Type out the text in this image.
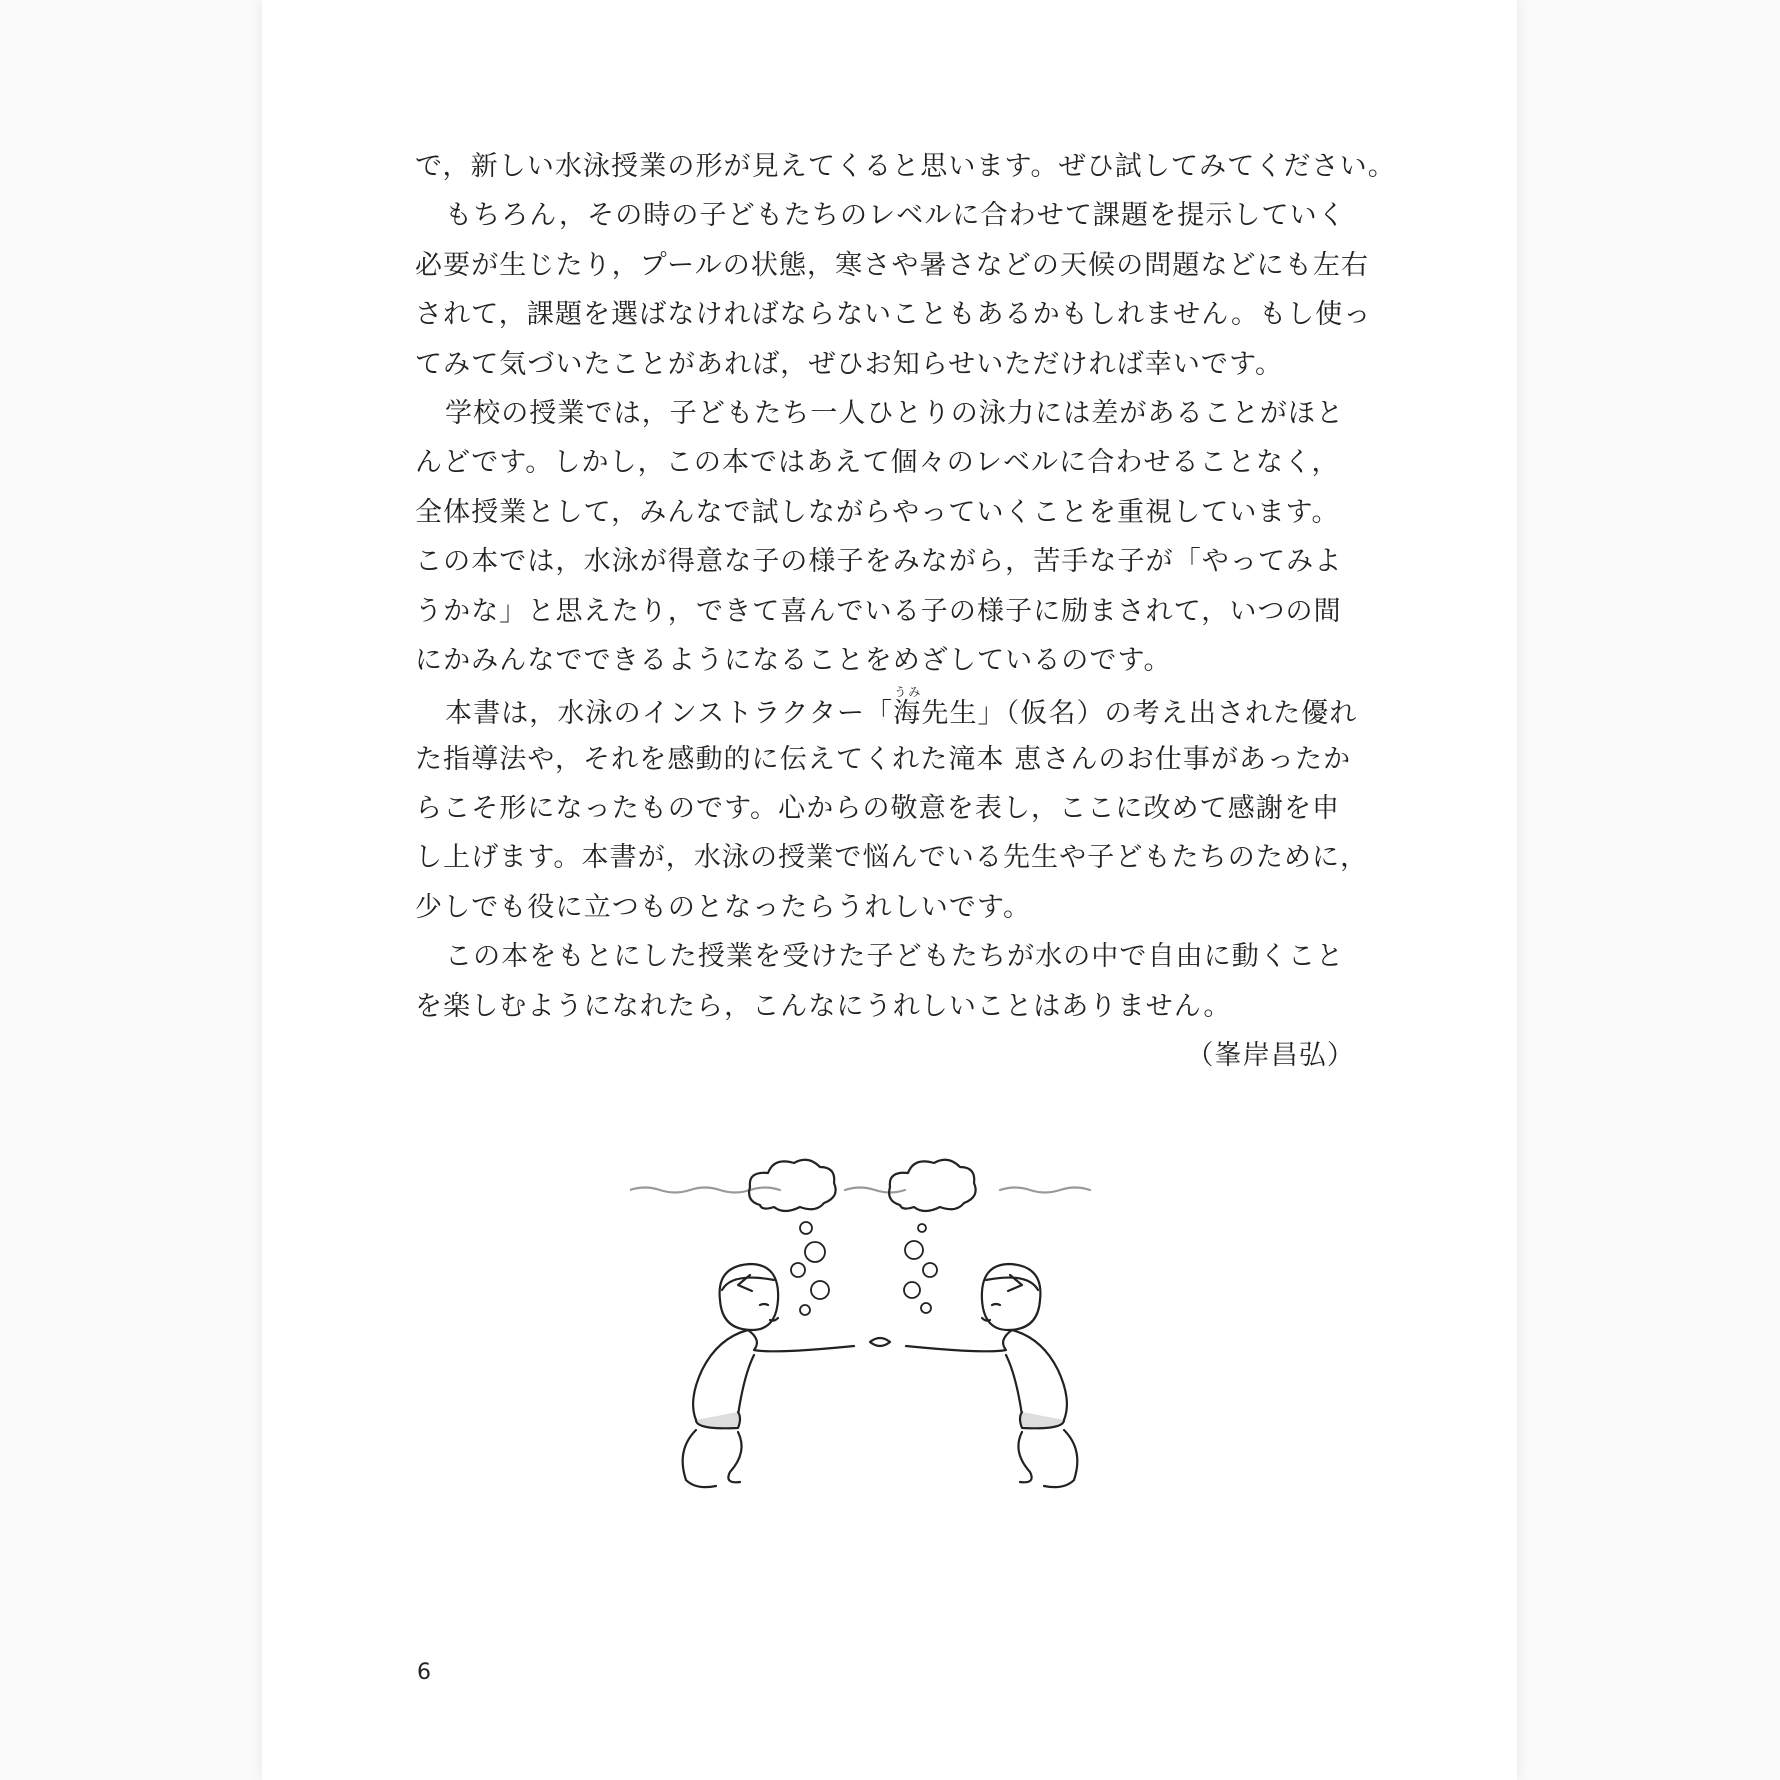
で，新しい水泳授業の形が見えてくると思います。ぜひ試してみてください。
もちろん，その時の子どもたちのレベルに合わせて課題を提示していく
必要が生じたり，プールの状態，寒さや暑さなどの天候の問題などにも左右
されて，課題を選ばなければならないこともあるかもしれません。もし使っ
てみて気づいたことがあれば，ぜひお知らせいただければ幸いです。
学校の授業では，子どもたち一人ひとりの泳力には差があることがほと
んどです。しかし，この本ではあえて個々のレベルに合わせることなく，
全体授業として，みんなで試しながらやっていくことを重視しています。
この本では，水泳が得意な子の様子をみながら，苦手な子が「やってみよ
うかな」と思えたり，できて喜んでいる子の様子に励まされて，いつの間
にかみんなでできるようになることをめざしているのです。
本書は，水泳のインストラクター「海うみ先生」（仮名）の考え出された優れ
た指導法や，それを感動的に伝えてくれた滝本 恵さんのお仕事があったか
らこそ形になったものです。心からの敬意を表し，ここに改めて感謝を申
し上げます。本書が，水泳の授業で悩んでいる先生や子どもたちのために，
少しでも役に立つものとなったらうれしいです。
この本をもとにした授業を受けた子どもたちが水の中で自由に動くこと
を楽しむようになれたら，こんなにうれしいことはありません。
（峯岸昌弘）
6
